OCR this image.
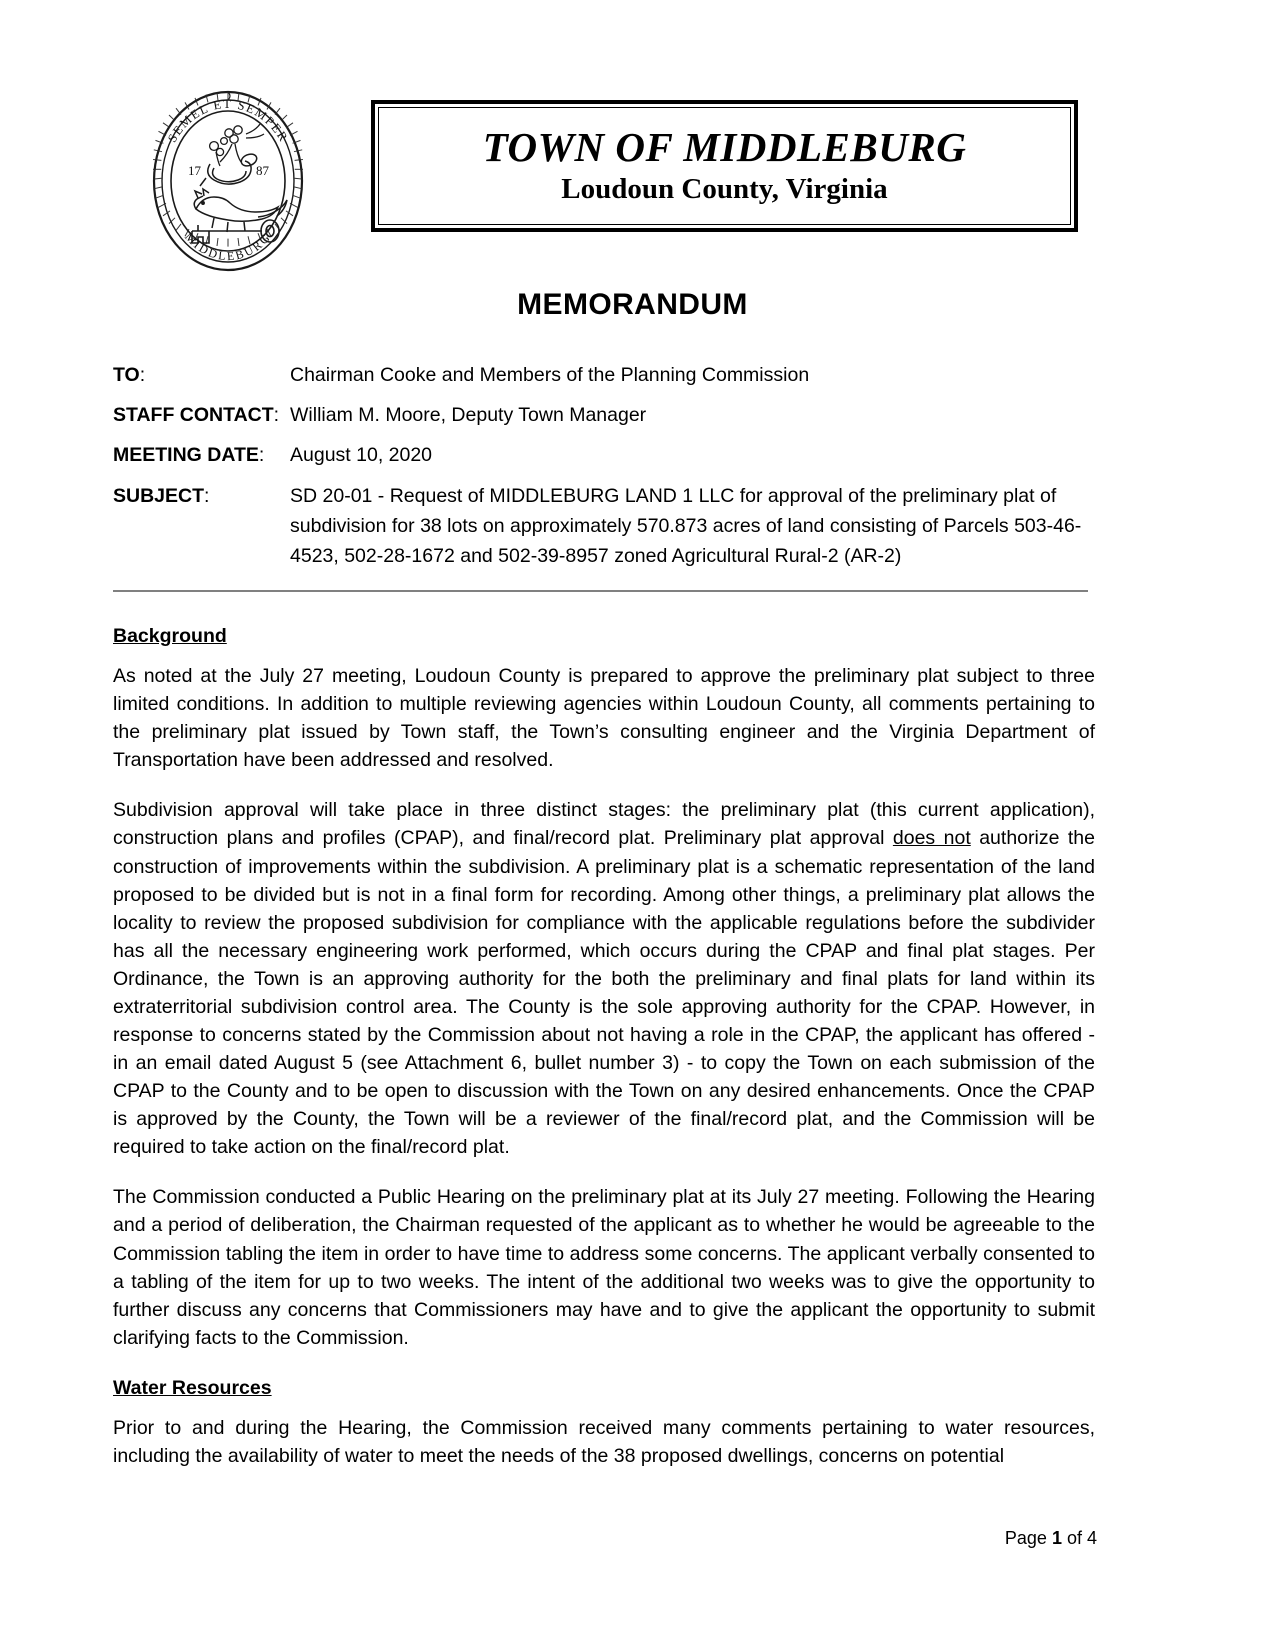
SEMEL ET SEMPER
MIDDLEBURG
17	87
TOWN OF MIDDLEBURG
Loudoun County, Virginia
MEMORANDUM
TO:	Chairman Cooke and Members of the Planning Commission
STAFF CONTACT: William M. Moore, Deputy Town Manager
MEETING DATE:	August 10, 2020
SUBJECT:	SD 20-01 - Request of MIDDLEBURG LAND 1 LLC for approval of the preliminary plat of subdivision for 38 lots on approximately 570.873 acres of land consisting of Parcels 503-46-4523, 502-28-1672 and 502-39-8957 zoned Agricultural Rural-2 (AR-2)
Background

As noted at the July 27 meeting, Loudoun County is prepared to approve the preliminary plat subject to three limited conditions. In addition to multiple reviewing agencies within Loudoun County, all comments pertaining to the preliminary plat issued by Town staff, the Town’s consulting engineer and the Virginia Department of Transportation have been addressed and resolved.

Subdivision approval will take place in three distinct stages: the preliminary plat (this current application), construction plans and profiles (CPAP), and final/record plat. Preliminary plat approval does not authorize the construction of improvements within the subdivision. A preliminary plat is a schematic representation of the land proposed to be divided but is not in a final form for recording. Among other things, a preliminary plat allows the locality to review the proposed subdivision for compliance with the applicable regulations before the subdivider has all the necessary engineering work performed, which occurs during the CPAP and final plat stages. Per Ordinance, the Town is an approving authority for the both the preliminary and final plats for land within its extraterritorial subdivision control area. The County is the sole approving authority for the CPAP. However, in response to concerns stated by the Commission about not having a role in the CPAP, the applicant has offered - in an email dated August 5 (see Attachment 6, bullet number 3) - to copy the Town on each submission of the CPAP to the County and to be open to discussion with the Town on any desired enhancements. Once the CPAP is approved by the County, the Town will be a reviewer of the final/record plat, and the Commission will be required to take action on the final/record plat.

The Commission conducted a Public Hearing on the preliminary plat at its July 27 meeting. Following the Hearing and a period of deliberation, the Chairman requested of the applicant as to whether he would be agreeable to the Commission tabling the item in order to have time to address some concerns. The applicant verbally consented to a tabling of the item for up to two weeks. The intent of the additional two weeks was to give the opportunity to further discuss any concerns that Commissioners may have and to give the applicant the opportunity to submit clarifying facts to the Commission.

Water Resources

Prior to and during the Hearing, the Commission received many comments pertaining to water resources, including the availability of water to meet the needs of the 38 proposed dwellings, concerns on potential

Page 1 of 4
